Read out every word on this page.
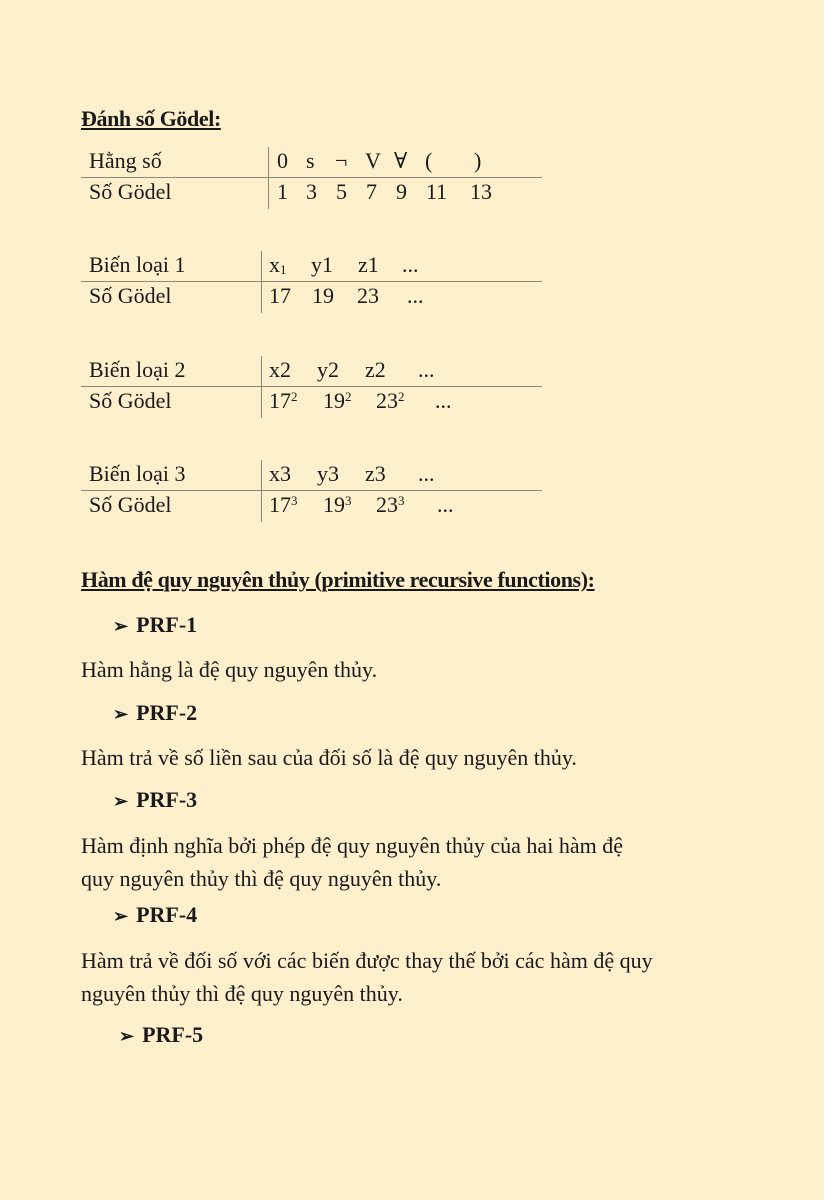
Đánh số Gödel:
Hằng số	0 s ¬ V ∀ ( )
Số Gödel	1 3 5 7 9 11 13
Biến loại 1	$x_1$ y1 z1 ...
Số Gödel	17 19 23 ...
Biến loại 2	x2 y2 z2 ...
Số Gödel	$17^2$ $19^2$ $23^2$ ...
Biến loại 3	x3 y3 z3 ...
Số Gödel	$17^3$ $19^3$ $23^3$ ...
Hàm đệ quy nguyên thủy (primitive recursive functions):
➢ PRF-1
Hàm hằng là đệ quy nguyên thủy.
➢ PRF-2
Hàm trả về số liền sau của đối số là đệ quy nguyên thủy.
➢ PRF-3
Hàm định nghĩa bởi phép đệ quy nguyên thủy của hai hàm đệ
quy nguyên thủy thì đệ quy nguyên thủy.
➢ PRF-4
Hàm trả về đối số với các biến được thay thế bởi các hàm đệ quy
nguyên thủy thì đệ quy nguyên thủy.
➢ PRF-5
